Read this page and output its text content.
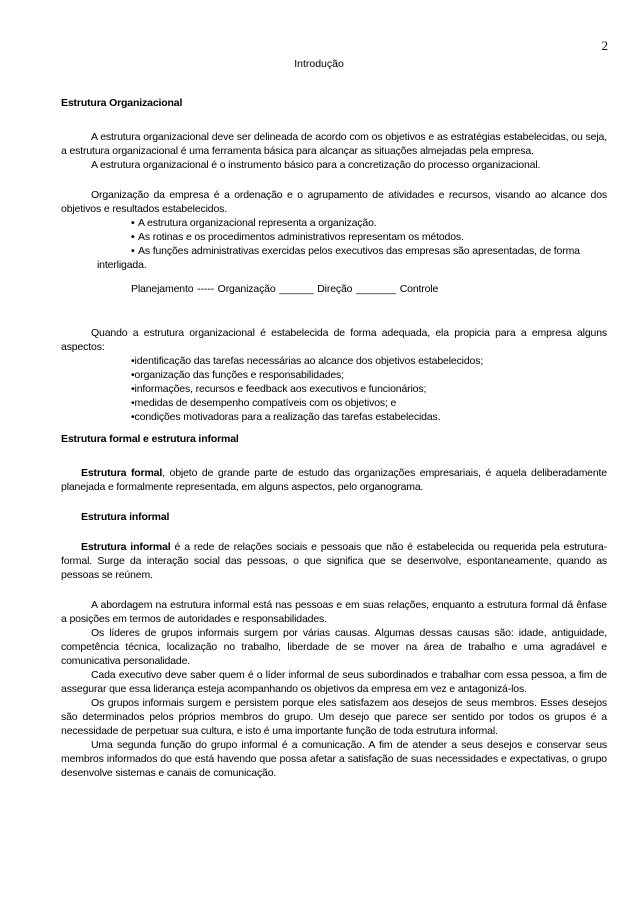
2
Introdução

Estrutura Organizacional

A estrutura organizacional deve ser delineada de acordo com os objetivos e as estratégias estabelecidas, ou seja, a estrutura organizacional é uma ferramenta básica para alcançar as situações almejadas pela empresa.

A estrutura organizacional é o instrumento básico para a concretização do processo organizacional.

Organização da empresa é a ordenação e o agrupamento de atividades e recursos, visando ao alcance dos objetivos e resultados estabelecidos.

• A estrutura organizacional representa a organização.
• As rotinas e os procedimentos administrativos representam os métodos.
• As funções administrativas exercidas pelos executivos das empresas são apresentadas, de forma

interligada.

Planejamento ----- Organização ______ Direção _______ Controle

Quando a estrutura organizacional é estabelecida de forma adequada, ela propicia para a empresa alguns aspectos:

•identificação das tarefas necessárias ao alcance dos objetivos estabelecidos;
•organização das funções e responsabilidades;
•informações, recursos e feedback aos executivos e funcionários;
•medidas de desempenho compatíveis com os objetivos; e
•condições motivadoras para a realização das tarefas estabelecidas.

Estrutura formal e estrutura informal

Estrutura formal, objeto de grande parte de estudo das organizações empresariais, é aquela deliberadamente planejada e formalmente representada, em alguns aspectos, pelo organograma.

Estrutura informal

Estrutura informal é a rede de relações sociais e pessoais que não é estabelecida ou requerida pela estrutura-formal. Surge da interação social das pessoas, o que significa que se desenvolve, espontaneamente, quando as pessoas se reúnem.

A abordagem na estrutura informal está nas pessoas e em suas relações, enquanto a estrutura formal dá ênfase a posições em termos de autoridades e responsabilidades.

Os líderes de grupos informais surgem por várias causas. Algumas dessas causas são: idade, antiguidade, competência técnica, localização no trabalho, liberdade de se mover na área de trabalho e uma agradável e comunicativa personalidade.

Cada executivo deve saber quem é o líder informal de seus subordinados e trabalhar com essa pessoa, a fim de assegurar que essa liderança esteja acompanhando os objetivos da empresa em vez e antagonizá-los.

Os grupos informais surgem e persistem porque eles satisfazem aos desejos de seus membros. Esses desejos são determinados pelos próprios membros do grupo. Um desejo que parece ser sentido por todos os grupos é a necessidade de perpetuar sua cultura, e isto é uma importante função de toda estrutura informal.

Uma segunda função do grupo informal é a comunicação. A fim de atender a seus desejos e conservar seus membros informados do que está havendo que possa afetar a satisfação de suas necessidades e expectativas, o grupo desenvolve sistemas e canais de comunicação.
